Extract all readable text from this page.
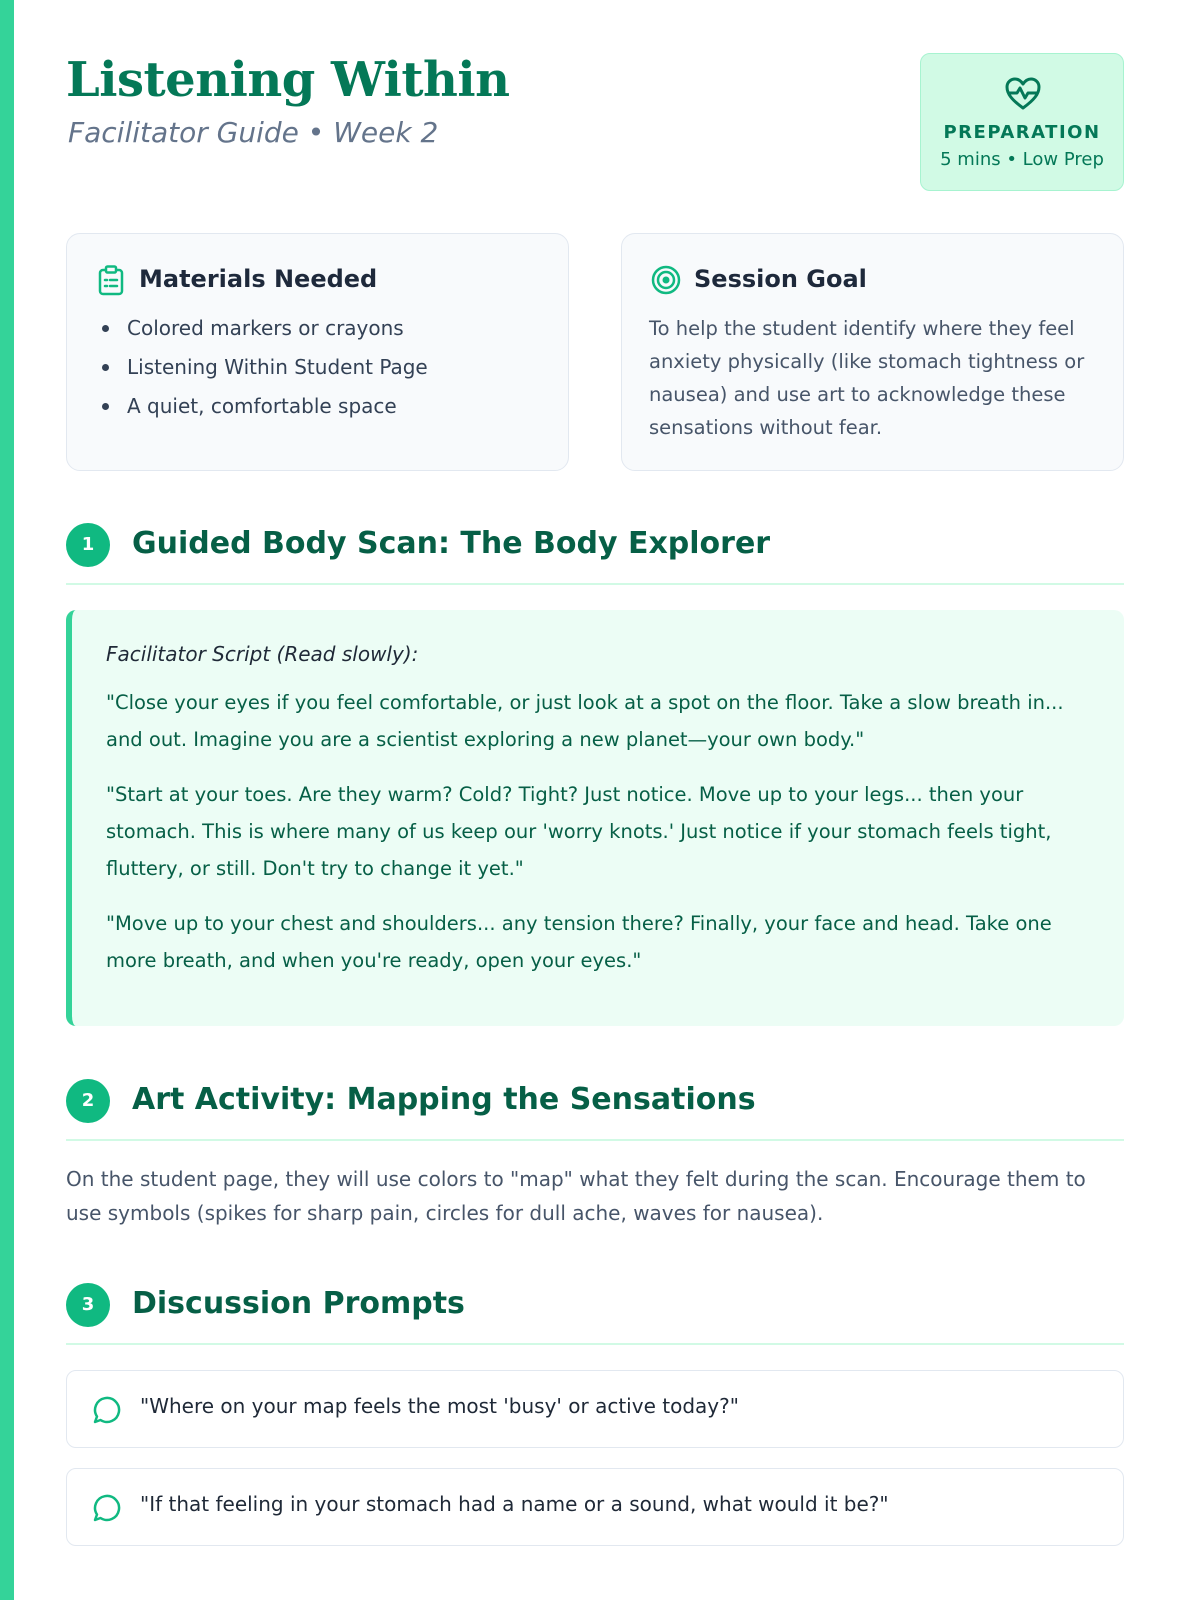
Listening Within
Facilitator Guide • Week 2	PREPARATION
5 mins • Low Prep
Materials Needed
Colored markers or crayons
Listening Within Student Page
A quiet, comfortable space
Session Goal

To help the student identify where they feel anxiety physically (like stomach tightness or nausea) and use art to acknowledge these sensations without fear.

1	Guided Body Scan: The Body Explorer

Facilitator Script (Read slowly):

"Close your eyes if you feel comfortable, or just look at a spot on the floor. Take a slow breath in... and out. Imagine you are a scientist exploring a new planet—your own body."

"Start at your toes. Are they warm? Cold? Tight? Just notice. Move up to your legs... then your stomach. This is where many of us keep our 'worry knots.' Just notice if your stomach feels tight, fluttery, or still. Don't try to change it yet."

"Move up to your chest and shoulders... any tension there? Finally, your face and head. Take one more breath, and when you're ready, open your eyes."

2	Art Activity: Mapping the Sensations

On the student page, they will use colors to "map" what they felt during the scan. Encourage them to use symbols (spikes for sharp pain, circles for dull ache, waves for nausea).

3	Discussion Prompts
"Where on your map feels the most 'busy' or active today?"
"If that feeling in your stomach had a name or a sound, what would it be?"
